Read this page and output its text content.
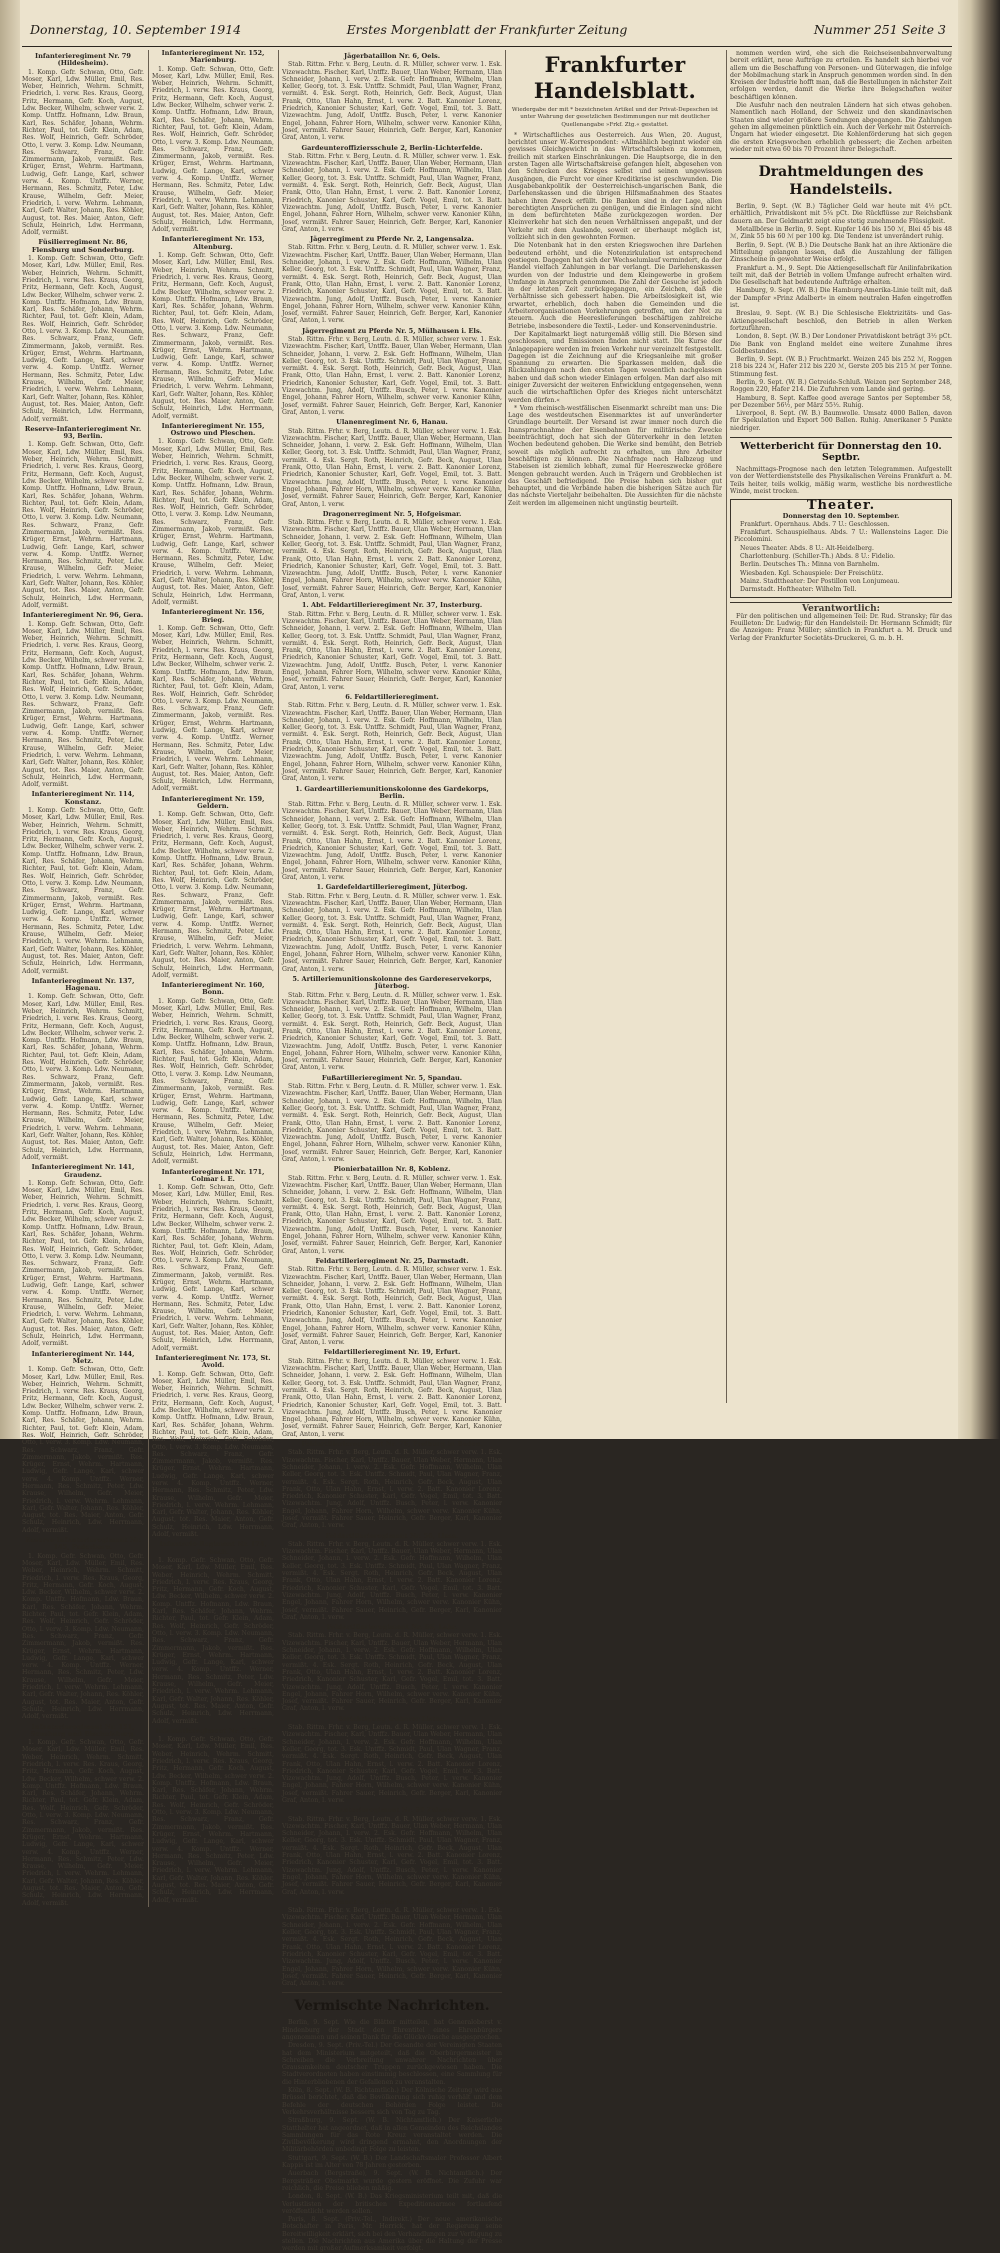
Donnerstag, 10. September 1914	Erstes Morgenblatt der Frankfurter Zeitung	Nummer 251 Seite 3
Infanterieregiment Nr. 79 (Hildesheim).

1. Komp. Gefr. Schwan, Otto, Gefr. Moser, Karl, Ldw. Müller, Emil, Res. Weber, Heinrich, Wehrm. Schmitt, Friedrich, l. verw. Res. Kraus, Georg, Fritz, Hermann, Gefr. Koch, August, Ldw. Becker, Wilhelm, schwer verw. 2. Komp. Untffz. Hofmann, Ldw. Braun, Karl, Res. Schäfer, Johann, Wehrm. Richter, Paul, tot. Gefr. Klein, Adam, Res. Wolf, Heinrich, Gefr. Schröder, Otto, l. verw. 3. Komp. Ldw. Neumann, Res. Schwarz, Franz, Gefr. Zimmermann, Jakob, vermißt. Res. Krüger, Ernst, Wehrm. Hartmann, Ludwig, Gefr. Lange, Karl, schwer verw. 4. Komp. Untffz. Werner, Hermann, Res. Schmitz, Peter, Ldw. Krause, Wilhelm, Gefr. Meier, Friedrich, l. verw. Wehrm. Lehmann, Karl, Gefr. Walter, Johann, Res. Köhler, August, tot. Res. Maier, Anton, Gefr. Schulz, Heinrich, Ldw. Herrmann, Adolf, vermißt.

Füsilierregiment Nr. 86, Flensburg und Sonderburg.

1. Komp. Gefr. Schwan, Otto, Gefr. Moser, Karl, Ldw. Müller, Emil, Res. Weber, Heinrich, Wehrm. Schmitt, Friedrich, l. verw. Res. Kraus, Georg, Fritz, Hermann, Gefr. Koch, August, Ldw. Becker, Wilhelm, schwer verw. 2. Komp. Untffz. Hofmann, Ldw. Braun, Karl, Res. Schäfer, Johann, Wehrm. Richter, Paul, tot. Gefr. Klein, Adam, Res. Wolf, Heinrich, Gefr. Schröder, Otto, l. verw. 3. Komp. Ldw. Neumann, Res. Schwarz, Franz, Gefr. Zimmermann, Jakob, vermißt. Res. Krüger, Ernst, Wehrm. Hartmann, Ludwig, Gefr. Lange, Karl, schwer verw. 4. Komp. Untffz. Werner, Hermann, Res. Schmitz, Peter, Ldw. Krause, Wilhelm, Gefr. Meier, Friedrich, l. verw. Wehrm. Lehmann, Karl, Gefr. Walter, Johann, Res. Köhler, August, tot. Res. Maier, Anton, Gefr. Schulz, Heinrich, Ldw. Herrmann, Adolf, vermißt.

Reserve-Infanterieregiment Nr. 93, Berlin.

1. Komp. Gefr. Schwan, Otto, Gefr. Moser, Karl, Ldw. Müller, Emil, Res. Weber, Heinrich, Wehrm. Schmitt, Friedrich, l. verw. Res. Kraus, Georg, Fritz, Hermann, Gefr. Koch, August, Ldw. Becker, Wilhelm, schwer verw. 2. Komp. Untffz. Hofmann, Ldw. Braun, Karl, Res. Schäfer, Johann, Wehrm. Richter, Paul, tot. Gefr. Klein, Adam, Res. Wolf, Heinrich, Gefr. Schröder, Otto, l. verw. 3. Komp. Ldw. Neumann, Res. Schwarz, Franz, Gefr. Zimmermann, Jakob, vermißt. Res. Krüger, Ernst, Wehrm. Hartmann, Ludwig, Gefr. Lange, Karl, schwer verw. 4. Komp. Untffz. Werner, Hermann, Res. Schmitz, Peter, Ldw. Krause, Wilhelm, Gefr. Meier, Friedrich, l. verw. Wehrm. Lehmann, Karl, Gefr. Walter, Johann, Res. Köhler, August, tot. Res. Maier, Anton, Gefr. Schulz, Heinrich, Ldw. Herrmann, Adolf, vermißt.

Infanterieregiment Nr. 96, Gera.

1. Komp. Gefr. Schwan, Otto, Gefr. Moser, Karl, Ldw. Müller, Emil, Res. Weber, Heinrich, Wehrm. Schmitt, Friedrich, l. verw. Res. Kraus, Georg, Fritz, Hermann, Gefr. Koch, August, Ldw. Becker, Wilhelm, schwer verw. 2. Komp. Untffz. Hofmann, Ldw. Braun, Karl, Res. Schäfer, Johann, Wehrm. Richter, Paul, tot. Gefr. Klein, Adam, Res. Wolf, Heinrich, Gefr. Schröder, Otto, l. verw. 3. Komp. Ldw. Neumann, Res. Schwarz, Franz, Gefr. Zimmermann, Jakob, vermißt. Res. Krüger, Ernst, Wehrm. Hartmann, Ludwig, Gefr. Lange, Karl, schwer verw. 4. Komp. Untffz. Werner, Hermann, Res. Schmitz, Peter, Ldw. Krause, Wilhelm, Gefr. Meier, Friedrich, l. verw. Wehrm. Lehmann, Karl, Gefr. Walter, Johann, Res. Köhler, August, tot. Res. Maier, Anton, Gefr. Schulz, Heinrich, Ldw. Herrmann, Adolf, vermißt.

Infanterieregiment Nr. 114, Konstanz.

1. Komp. Gefr. Schwan, Otto, Gefr. Moser, Karl, Ldw. Müller, Emil, Res. Weber, Heinrich, Wehrm. Schmitt, Friedrich, l. verw. Res. Kraus, Georg, Fritz, Hermann, Gefr. Koch, August, Ldw. Becker, Wilhelm, schwer verw. 2. Komp. Untffz. Hofmann, Ldw. Braun, Karl, Res. Schäfer, Johann, Wehrm. Richter, Paul, tot. Gefr. Klein, Adam, Res. Wolf, Heinrich, Gefr. Schröder, Otto, l. verw. 3. Komp. Ldw. Neumann, Res. Schwarz, Franz, Gefr. Zimmermann, Jakob, vermißt. Res. Krüger, Ernst, Wehrm. Hartmann, Ludwig, Gefr. Lange, Karl, schwer verw. 4. Komp. Untffz. Werner, Hermann, Res. Schmitz, Peter, Ldw. Krause, Wilhelm, Gefr. Meier, Friedrich, l. verw. Wehrm. Lehmann, Karl, Gefr. Walter, Johann, Res. Köhler, August, tot. Res. Maier, Anton, Gefr. Schulz, Heinrich, Ldw. Herrmann, Adolf, vermißt.

Infanterieregiment Nr. 137, Hagenau.

1. Komp. Gefr. Schwan, Otto, Gefr. Moser, Karl, Ldw. Müller, Emil, Res. Weber, Heinrich, Wehrm. Schmitt, Friedrich, l. verw. Res. Kraus, Georg, Fritz, Hermann, Gefr. Koch, August, Ldw. Becker, Wilhelm, schwer verw. 2. Komp. Untffz. Hofmann, Ldw. Braun, Karl, Res. Schäfer, Johann, Wehrm. Richter, Paul, tot. Gefr. Klein, Adam, Res. Wolf, Heinrich, Gefr. Schröder, Otto, l. verw. 3. Komp. Ldw. Neumann, Res. Schwarz, Franz, Gefr. Zimmermann, Jakob, vermißt. Res. Krüger, Ernst, Wehrm. Hartmann, Ludwig, Gefr. Lange, Karl, schwer verw. 4. Komp. Untffz. Werner, Hermann, Res. Schmitz, Peter, Ldw. Krause, Wilhelm, Gefr. Meier, Friedrich, l. verw. Wehrm. Lehmann, Karl, Gefr. Walter, Johann, Res. Köhler, August, tot. Res. Maier, Anton, Gefr. Schulz, Heinrich, Ldw. Herrmann, Adolf, vermißt.

Infanterieregiment Nr. 141, Graudenz.

1. Komp. Gefr. Schwan, Otto, Gefr. Moser, Karl, Ldw. Müller, Emil, Res. Weber, Heinrich, Wehrm. Schmitt, Friedrich, l. verw. Res. Kraus, Georg, Fritz, Hermann, Gefr. Koch, August, Ldw. Becker, Wilhelm, schwer verw. 2. Komp. Untffz. Hofmann, Ldw. Braun, Karl, Res. Schäfer, Johann, Wehrm. Richter, Paul, tot. Gefr. Klein, Adam, Res. Wolf, Heinrich, Gefr. Schröder, Otto, l. verw. 3. Komp. Ldw. Neumann, Res. Schwarz, Franz, Gefr. Zimmermann, Jakob, vermißt. Res. Krüger, Ernst, Wehrm. Hartmann, Ludwig, Gefr. Lange, Karl, schwer verw. 4. Komp. Untffz. Werner, Hermann, Res. Schmitz, Peter, Ldw. Krause, Wilhelm, Gefr. Meier, Friedrich, l. verw. Wehrm. Lehmann, Karl, Gefr. Walter, Johann, Res. Köhler, August, tot. Res. Maier, Anton, Gefr. Schulz, Heinrich, Ldw. Herrmann, Adolf, vermißt.

Infanterieregiment Nr. 144, Metz.

1. Komp. Gefr. Schwan, Otto, Gefr. Moser, Karl, Ldw. Müller, Emil, Res. Weber, Heinrich, Wehrm. Schmitt, Friedrich, l. verw. Res. Kraus, Georg, Fritz, Hermann, Gefr. Koch, August, Ldw. Becker, Wilhelm, schwer verw. 2. Komp. Untffz. Hofmann, Ldw. Braun, Karl, Res. Schäfer, Johann, Wehrm. Richter, Paul, tot. Gefr. Klein, Adam, Res. Wolf, Heinrich, Gefr. Schröder, Otto, l. verw. 3. Komp. Ldw. Neumann, Res. Schwarz, Franz, Gefr. Zimmermann, Jakob, vermißt. Res. Krüger, Ernst, Wehrm. Hartmann, Ludwig, Gefr. Lange, Karl, schwer verw. 4. Komp. Untffz. Werner, Hermann, Res. Schmitz, Peter, Ldw. Krause, Wilhelm, Gefr. Meier, Friedrich, l. verw. Wehrm. Lehmann, Karl, Gefr. Walter, Johann, Res. Köhler, August, tot. Res. Maier, Anton, Gefr. Schulz, Heinrich, Ldw. Herrmann, Adolf, vermißt.

Reserve-Infanterieregiment Nr. 145, Paderborn.

1. Komp. Gefr. Schwan, Otto, Gefr. Moser, Karl, Ldw. Müller, Emil, Res. Weber, Heinrich, Wehrm. Schmitt, Friedrich, l. verw. Res. Kraus, Georg, Fritz, Hermann, Gefr. Koch, August, Ldw. Becker, Wilhelm, schwer verw. 2. Komp. Untffz. Hofmann, Ldw. Braun, Karl, Res. Schäfer, Johann, Wehrm. Richter, Paul, tot. Gefr. Klein, Adam, Res. Wolf, Heinrich, Gefr. Schröder, Otto, l. verw. 3. Komp. Ldw. Neumann, Res. Schwarz, Franz, Gefr. Zimmermann, Jakob, vermißt. Res. Krüger, Ernst, Wehrm. Hartmann, Ludwig, Gefr. Lange, Karl, schwer verw. 4. Komp. Untffz. Werner, Hermann, Res. Schmitz, Peter, Ldw. Krause, Wilhelm, Gefr. Meier, Friedrich, l. verw. Wehrm. Lehmann, Karl, Gefr. Walter, Johann, Res. Köhler, August, tot. Res. Maier, Anton, Gefr. Schulz, Heinrich, Ldw. Herrmann, Adolf, vermißt.

Infanterieregiment Nr. 151, Sensburg und Bischofsburg.

1. Komp. Gefr. Schwan, Otto, Gefr. Moser, Karl, Ldw. Müller, Emil, Res. Weber, Heinrich, Wehrm. Schmitt, Friedrich, l. verw. Res. Kraus, Georg, Fritz, Hermann, Gefr. Koch, August, Ldw. Becker, Wilhelm, schwer verw. 2. Komp. Untffz. Hofmann, Ldw. Braun, Karl, Res. Schäfer, Johann, Wehrm. Richter, Paul, tot. Gefr. Klein, Adam, Res. Wolf, Heinrich, Gefr. Schröder, Otto, l. verw. 3. Komp. Ldw. Neumann, Res. Schwarz, Franz, Gefr. Zimmermann, Jakob, vermißt. Res. Krüger, Ernst, Wehrm. Hartmann, Ludwig, Gefr. Lange, Karl, schwer verw. 4. Komp. Untffz. Werner, Hermann, Res. Schmitz, Peter, Ldw. Krause, Wilhelm, Gefr. Meier, Friedrich, l. verw. Wehrm. Lehmann, Karl, Gefr. Walter, Johann, Res. Köhler, August, tot. Res. Maier, Anton, Gefr. Schulz, Heinrich, Ldw. Herrmann, Adolf, vermißt.

Infanterieregiment Nr. 152, Marienburg.

1. Komp. Gefr. Schwan, Otto, Gefr. Moser, Karl, Ldw. Müller, Emil, Res. Weber, Heinrich, Wehrm. Schmitt, Friedrich, l. verw. Res. Kraus, Georg, Fritz, Hermann, Gefr. Koch, August, Ldw. Becker, Wilhelm, schwer verw. 2. Komp. Untffz. Hofmann, Ldw. Braun, Karl, Res. Schäfer, Johann, Wehrm. Richter, Paul, tot. Gefr. Klein, Adam, Res. Wolf, Heinrich, Gefr. Schröder, Otto, l. verw. 3. Komp. Ldw. Neumann, Res. Schwarz, Franz, Gefr. Zimmermann, Jakob, vermißt. Res. Krüger, Ernst, Wehrm. Hartmann, Ludwig, Gefr. Lange, Karl, schwer verw. 4. Komp. Untffz. Werner, Hermann, Res. Schmitz, Peter, Ldw. Krause, Wilhelm, Gefr. Meier, Friedrich, l. verw. Wehrm. Lehmann, Karl, Gefr. Walter, Johann, Res. Köhler, August, tot. Res. Maier, Anton, Gefr. Schulz, Heinrich, Ldw. Herrmann, Adolf, vermißt.

Infanterieregiment Nr. 153, Altenburg.

1. Komp. Gefr. Schwan, Otto, Gefr. Moser, Karl, Ldw. Müller, Emil, Res. Weber, Heinrich, Wehrm. Schmitt, Friedrich, l. verw. Res. Kraus, Georg, Fritz, Hermann, Gefr. Koch, August, Ldw. Becker, Wilhelm, schwer verw. 2. Komp. Untffz. Hofmann, Ldw. Braun, Karl, Res. Schäfer, Johann, Wehrm. Richter, Paul, tot. Gefr. Klein, Adam, Res. Wolf, Heinrich, Gefr. Schröder, Otto, l. verw. 3. Komp. Ldw. Neumann, Res. Schwarz, Franz, Gefr. Zimmermann, Jakob, vermißt. Res. Krüger, Ernst, Wehrm. Hartmann, Ludwig, Gefr. Lange, Karl, schwer verw. 4. Komp. Untffz. Werner, Hermann, Res. Schmitz, Peter, Ldw. Krause, Wilhelm, Gefr. Meier, Friedrich, l. verw. Wehrm. Lehmann, Karl, Gefr. Walter, Johann, Res. Köhler, August, tot. Res. Maier, Anton, Gefr. Schulz, Heinrich, Ldw. Herrmann, Adolf, vermißt.

Infanterieregiment Nr. 155, Ostrowo und Pleschen.

1. Komp. Gefr. Schwan, Otto, Gefr. Moser, Karl, Ldw. Müller, Emil, Res. Weber, Heinrich, Wehrm. Schmitt, Friedrich, l. verw. Res. Kraus, Georg, Fritz, Hermann, Gefr. Koch, August, Ldw. Becker, Wilhelm, schwer verw. 2. Komp. Untffz. Hofmann, Ldw. Braun, Karl, Res. Schäfer, Johann, Wehrm. Richter, Paul, tot. Gefr. Klein, Adam, Res. Wolf, Heinrich, Gefr. Schröder, Otto, l. verw. 3. Komp. Ldw. Neumann, Res. Schwarz, Franz, Gefr. Zimmermann, Jakob, vermißt. Res. Krüger, Ernst, Wehrm. Hartmann, Ludwig, Gefr. Lange, Karl, schwer verw. 4. Komp. Untffz. Werner, Hermann, Res. Schmitz, Peter, Ldw. Krause, Wilhelm, Gefr. Meier, Friedrich, l. verw. Wehrm. Lehmann, Karl, Gefr. Walter, Johann, Res. Köhler, August, tot. Res. Maier, Anton, Gefr. Schulz, Heinrich, Ldw. Herrmann, Adolf, vermißt.

Infanterieregiment Nr. 156, Brieg.

1. Komp. Gefr. Schwan, Otto, Gefr. Moser, Karl, Ldw. Müller, Emil, Res. Weber, Heinrich, Wehrm. Schmitt, Friedrich, l. verw. Res. Kraus, Georg, Fritz, Hermann, Gefr. Koch, August, Ldw. Becker, Wilhelm, schwer verw. 2. Komp. Untffz. Hofmann, Ldw. Braun, Karl, Res. Schäfer, Johann, Wehrm. Richter, Paul, tot. Gefr. Klein, Adam, Res. Wolf, Heinrich, Gefr. Schröder, Otto, l. verw. 3. Komp. Ldw. Neumann, Res. Schwarz, Franz, Gefr. Zimmermann, Jakob, vermißt. Res. Krüger, Ernst, Wehrm. Hartmann, Ludwig, Gefr. Lange, Karl, schwer verw. 4. Komp. Untffz. Werner, Hermann, Res. Schmitz, Peter, Ldw. Krause, Wilhelm, Gefr. Meier, Friedrich, l. verw. Wehrm. Lehmann, Karl, Gefr. Walter, Johann, Res. Köhler, August, tot. Res. Maier, Anton, Gefr. Schulz, Heinrich, Ldw. Herrmann, Adolf, vermißt.

Infanterieregiment Nr. 159, Geldern.

1. Komp. Gefr. Schwan, Otto, Gefr. Moser, Karl, Ldw. Müller, Emil, Res. Weber, Heinrich, Wehrm. Schmitt, Friedrich, l. verw. Res. Kraus, Georg, Fritz, Hermann, Gefr. Koch, August, Ldw. Becker, Wilhelm, schwer verw. 2. Komp. Untffz. Hofmann, Ldw. Braun, Karl, Res. Schäfer, Johann, Wehrm. Richter, Paul, tot. Gefr. Klein, Adam, Res. Wolf, Heinrich, Gefr. Schröder, Otto, l. verw. 3. Komp. Ldw. Neumann, Res. Schwarz, Franz, Gefr. Zimmermann, Jakob, vermißt. Res. Krüger, Ernst, Wehrm. Hartmann, Ludwig, Gefr. Lange, Karl, schwer verw. 4. Komp. Untffz. Werner, Hermann, Res. Schmitz, Peter, Ldw. Krause, Wilhelm, Gefr. Meier, Friedrich, l. verw. Wehrm. Lehmann, Karl, Gefr. Walter, Johann, Res. Köhler, August, tot. Res. Maier, Anton, Gefr. Schulz, Heinrich, Ldw. Herrmann, Adolf, vermißt.

Infanterieregiment Nr. 160, Bonn.

1. Komp. Gefr. Schwan, Otto, Gefr. Moser, Karl, Ldw. Müller, Emil, Res. Weber, Heinrich, Wehrm. Schmitt, Friedrich, l. verw. Res. Kraus, Georg, Fritz, Hermann, Gefr. Koch, August, Ldw. Becker, Wilhelm, schwer verw. 2. Komp. Untffz. Hofmann, Ldw. Braun, Karl, Res. Schäfer, Johann, Wehrm. Richter, Paul, tot. Gefr. Klein, Adam, Res. Wolf, Heinrich, Gefr. Schröder, Otto, l. verw. 3. Komp. Ldw. Neumann, Res. Schwarz, Franz, Gefr. Zimmermann, Jakob, vermißt. Res. Krüger, Ernst, Wehrm. Hartmann, Ludwig, Gefr. Lange, Karl, schwer verw. 4. Komp. Untffz. Werner, Hermann, Res. Schmitz, Peter, Ldw. Krause, Wilhelm, Gefr. Meier, Friedrich, l. verw. Wehrm. Lehmann, Karl, Gefr. Walter, Johann, Res. Köhler, August, tot. Res. Maier, Anton, Gefr. Schulz, Heinrich, Ldw. Herrmann, Adolf, vermißt.

Infanterieregiment Nr. 171, Colmar i. E.

1. Komp. Gefr. Schwan, Otto, Gefr. Moser, Karl, Ldw. Müller, Emil, Res. Weber, Heinrich, Wehrm. Schmitt, Friedrich, l. verw. Res. Kraus, Georg, Fritz, Hermann, Gefr. Koch, August, Ldw. Becker, Wilhelm, schwer verw. 2. Komp. Untffz. Hofmann, Ldw. Braun, Karl, Res. Schäfer, Johann, Wehrm. Richter, Paul, tot. Gefr. Klein, Adam, Res. Wolf, Heinrich, Gefr. Schröder, Otto, l. verw. 3. Komp. Ldw. Neumann, Res. Schwarz, Franz, Gefr. Zimmermann, Jakob, vermißt. Res. Krüger, Ernst, Wehrm. Hartmann, Ludwig, Gefr. Lange, Karl, schwer verw. 4. Komp. Untffz. Werner, Hermann, Res. Schmitz, Peter, Ldw. Krause, Wilhelm, Gefr. Meier, Friedrich, l. verw. Wehrm. Lehmann, Karl, Gefr. Walter, Johann, Res. Köhler, August, tot. Res. Maier, Anton, Gefr. Schulz, Heinrich, Ldw. Herrmann, Adolf, vermißt.

Infanterieregiment Nr. 173, St. Avold.

1. Komp. Gefr. Schwan, Otto, Gefr. Moser, Karl, Ldw. Müller, Emil, Res. Weber, Heinrich, Wehrm. Schmitt, Friedrich, l. verw. Res. Kraus, Georg, Fritz, Hermann, Gefr. Koch, August, Ldw. Becker, Wilhelm, schwer verw. 2. Komp. Untffz. Hofmann, Ldw. Braun, Karl, Res. Schäfer, Johann, Wehrm. Richter, Paul, tot. Gefr. Klein, Adam, Res. Wolf, Heinrich, Gefr. Schröder, Otto, l. verw. 3. Komp. Ldw. Neumann, Res. Schwarz, Franz, Gefr. Zimmermann, Jakob, vermißt. Res. Krüger, Ernst, Wehrm. Hartmann, Ludwig, Gefr. Lange, Karl, schwer verw. 4. Komp. Untffz. Werner, Hermann, Res. Schmitz, Peter, Ldw. Krause, Wilhelm, Gefr. Meier, Friedrich, l. verw. Wehrm. Lehmann, Karl, Gefr. Walter, Johann, Res. Köhler, August, tot. Res. Maier, Anton, Gefr. Schulz, Heinrich, Ldw. Herrmann, Adolf, vermißt.

Infanterie-Regiment Nr. 174, Forbach.

1. Komp. Gefr. Schwan, Otto, Gefr. Moser, Karl, Ldw. Müller, Emil, Res. Weber, Heinrich, Wehrm. Schmitt, Friedrich, l. verw. Res. Kraus, Georg, Fritz, Hermann, Gefr. Koch, August, Ldw. Becker, Wilhelm, schwer verw. 2. Komp. Untffz. Hofmann, Ldw. Braun, Karl, Res. Schäfer, Johann, Wehrm. Richter, Paul, tot. Gefr. Klein, Adam, Res. Wolf, Heinrich, Gefr. Schröder, Otto, l. verw. 3. Komp. Ldw. Neumann, Res. Schwarz, Franz, Gefr. Zimmermann, Jakob, vermißt. Res. Krüger, Ernst, Wehrm. Hartmann, Ludwig, Gefr. Lange, Karl, schwer verw. 4. Komp. Untffz. Werner, Hermann, Res. Schmitz, Peter, Ldw. Krause, Wilhelm, Gefr. Meier, Friedrich, l. verw. Wehrm. Lehmann, Karl, Gefr. Walter, Johann, Res. Köhler, August, tot. Res. Maier, Anton, Gefr. Schulz, Heinrich, Ldw. Herrmann, Adolf, vermißt.

Infanterieregiment Nr. 2, Calw.

1. Komp. Gefr. Schwan, Otto, Gefr. Moser, Karl, Ldw. Müller, Emil, Res. Weber, Heinrich, Wehrm. Schmitt, Friedrich, l. verw. Res. Kraus, Georg, Fritz, Hermann, Gefr. Koch, August, Ldw. Becker, Wilhelm, schwer verw. 2. Komp. Untffz. Hofmann, Ldw. Braun, Karl, Res. Schäfer, Johann, Wehrm. Richter, Paul, tot. Gefr. Klein, Adam, Res. Wolf, Heinrich, Gefr. Schröder, Otto, l. verw. 3. Komp. Ldw. Neumann, Res. Schwarz, Franz, Gefr. Zimmermann, Jakob, vermißt. Res. Krüger, Ernst, Wehrm. Hartmann, Ludwig, Gefr. Lange, Karl, schwer verw. 4. Komp. Untffz. Werner, Hermann, Res. Schmitz, Peter, Ldw. Krause, Wilhelm, Gefr. Meier, Friedrich, l. verw. Wehrm. Lehmann, Karl, Gefr. Walter, Johann, Res. Köhler, August, tot. Res. Maier, Anton, Gefr. Schulz, Heinrich, Ldw. Herrmann, Adolf, vermißt.

Jägerbataillon Nr. 6, Oels.

Stab. Rittm. Frhr. v. Berg, Leutn. d. R. Müller, schwer verw. 1. Esk. Vizewachtm. Fischer, Karl, Untffz. Bauer, Ulan Weber, Hermann, Ulan Schneider, Johann, l. verw. 2. Esk. Gefr. Hoffmann, Wilhelm, Ulan Keller, Georg, tot. 3. Esk. Untffz. Schmidt, Paul, Ulan Wagner, Franz, vermißt. 4. Esk. Sergt. Roth, Heinrich, Gefr. Beck, August, Ulan Frank, Otto, Ulan Hahn, Ernst, l. verw. 2. Batt. Kanonier Lorenz, Friedrich, Kanonier Schuster, Karl, Gefr. Vogel, Emil, tot. 3. Batt. Vizewachtm. Jung, Adolf, Untffz. Busch, Peter, l. verw. Kanonier Engel, Johann, Fahrer Horn, Wilhelm, schwer verw. Kanonier Kühn, Josef, vermißt. Fahrer Sauer, Heinrich, Gefr. Berger, Karl, Kanonier Graf, Anton, l. verw.

Gardeunteroffiziersschule 2, Berlin-Lichterfelde.

Stab. Rittm. Frhr. v. Berg, Leutn. d. R. Müller, schwer verw. 1. Esk. Vizewachtm. Fischer, Karl, Untffz. Bauer, Ulan Weber, Hermann, Ulan Schneider, Johann, l. verw. 2. Esk. Gefr. Hoffmann, Wilhelm, Ulan Keller, Georg, tot. 3. Esk. Untffz. Schmidt, Paul, Ulan Wagner, Franz, vermißt. 4. Esk. Sergt. Roth, Heinrich, Gefr. Beck, August, Ulan Frank, Otto, Ulan Hahn, Ernst, l. verw. 2. Batt. Kanonier Lorenz, Friedrich, Kanonier Schuster, Karl, Gefr. Vogel, Emil, tot. 3. Batt. Vizewachtm. Jung, Adolf, Untffz. Busch, Peter, l. verw. Kanonier Engel, Johann, Fahrer Horn, Wilhelm, schwer verw. Kanonier Kühn, Josef, vermißt. Fahrer Sauer, Heinrich, Gefr. Berger, Karl, Kanonier Graf, Anton, l. verw.

Jägerregiment zu Pferde Nr. 2, Langensalza.

Stab. Rittm. Frhr. v. Berg, Leutn. d. R. Müller, schwer verw. 1. Esk. Vizewachtm. Fischer, Karl, Untffz. Bauer, Ulan Weber, Hermann, Ulan Schneider, Johann, l. verw. 2. Esk. Gefr. Hoffmann, Wilhelm, Ulan Keller, Georg, tot. 3. Esk. Untffz. Schmidt, Paul, Ulan Wagner, Franz, vermißt. 4. Esk. Sergt. Roth, Heinrich, Gefr. Beck, August, Ulan Frank, Otto, Ulan Hahn, Ernst, l. verw. 2. Batt. Kanonier Lorenz, Friedrich, Kanonier Schuster, Karl, Gefr. Vogel, Emil, tot. 3. Batt. Vizewachtm. Jung, Adolf, Untffz. Busch, Peter, l. verw. Kanonier Engel, Johann, Fahrer Horn, Wilhelm, schwer verw. Kanonier Kühn, Josef, vermißt. Fahrer Sauer, Heinrich, Gefr. Berger, Karl, Kanonier Graf, Anton, l. verw.

Jägerregiment zu Pferde Nr. 5, Mülhausen i. Els.

Stab. Rittm. Frhr. v. Berg, Leutn. d. R. Müller, schwer verw. 1. Esk. Vizewachtm. Fischer, Karl, Untffz. Bauer, Ulan Weber, Hermann, Ulan Schneider, Johann, l. verw. 2. Esk. Gefr. Hoffmann, Wilhelm, Ulan Keller, Georg, tot. 3. Esk. Untffz. Schmidt, Paul, Ulan Wagner, Franz, vermißt. 4. Esk. Sergt. Roth, Heinrich, Gefr. Beck, August, Ulan Frank, Otto, Ulan Hahn, Ernst, l. verw. 2. Batt. Kanonier Lorenz, Friedrich, Kanonier Schuster, Karl, Gefr. Vogel, Emil, tot. 3. Batt. Vizewachtm. Jung, Adolf, Untffz. Busch, Peter, l. verw. Kanonier Engel, Johann, Fahrer Horn, Wilhelm, schwer verw. Kanonier Kühn, Josef, vermißt. Fahrer Sauer, Heinrich, Gefr. Berger, Karl, Kanonier Graf, Anton, l. verw.

Ulanenregiment Nr. 6, Hanau.

Stab. Rittm. Frhr. v. Berg, Leutn. d. R. Müller, schwer verw. 1. Esk. Vizewachtm. Fischer, Karl, Untffz. Bauer, Ulan Weber, Hermann, Ulan Schneider, Johann, l. verw. 2. Esk. Gefr. Hoffmann, Wilhelm, Ulan Keller, Georg, tot. 3. Esk. Untffz. Schmidt, Paul, Ulan Wagner, Franz, vermißt. 4. Esk. Sergt. Roth, Heinrich, Gefr. Beck, August, Ulan Frank, Otto, Ulan Hahn, Ernst, l. verw. 2. Batt. Kanonier Lorenz, Friedrich, Kanonier Schuster, Karl, Gefr. Vogel, Emil, tot. 3. Batt. Vizewachtm. Jung, Adolf, Untffz. Busch, Peter, l. verw. Kanonier Engel, Johann, Fahrer Horn, Wilhelm, schwer verw. Kanonier Kühn, Josef, vermißt. Fahrer Sauer, Heinrich, Gefr. Berger, Karl, Kanonier Graf, Anton, l. verw.

Dragonerregiment Nr. 5, Hofgeismar.

Stab. Rittm. Frhr. v. Berg, Leutn. d. R. Müller, schwer verw. 1. Esk. Vizewachtm. Fischer, Karl, Untffz. Bauer, Ulan Weber, Hermann, Ulan Schneider, Johann, l. verw. 2. Esk. Gefr. Hoffmann, Wilhelm, Ulan Keller, Georg, tot. 3. Esk. Untffz. Schmidt, Paul, Ulan Wagner, Franz, vermißt. 4. Esk. Sergt. Roth, Heinrich, Gefr. Beck, August, Ulan Frank, Otto, Ulan Hahn, Ernst, l. verw. 2. Batt. Kanonier Lorenz, Friedrich, Kanonier Schuster, Karl, Gefr. Vogel, Emil, tot. 3. Batt. Vizewachtm. Jung, Adolf, Untffz. Busch, Peter, l. verw. Kanonier Engel, Johann, Fahrer Horn, Wilhelm, schwer verw. Kanonier Kühn, Josef, vermißt. Fahrer Sauer, Heinrich, Gefr. Berger, Karl, Kanonier Graf, Anton, l. verw.

1. Abt. Feldartillerieregiment Nr. 37, Insterburg.

Stab. Rittm. Frhr. v. Berg, Leutn. d. R. Müller, schwer verw. 1. Esk. Vizewachtm. Fischer, Karl, Untffz. Bauer, Ulan Weber, Hermann, Ulan Schneider, Johann, l. verw. 2. Esk. Gefr. Hoffmann, Wilhelm, Ulan Keller, Georg, tot. 3. Esk. Untffz. Schmidt, Paul, Ulan Wagner, Franz, vermißt. 4. Esk. Sergt. Roth, Heinrich, Gefr. Beck, August, Ulan Frank, Otto, Ulan Hahn, Ernst, l. verw. 2. Batt. Kanonier Lorenz, Friedrich, Kanonier Schuster, Karl, Gefr. Vogel, Emil, tot. 3. Batt. Vizewachtm. Jung, Adolf, Untffz. Busch, Peter, l. verw. Kanonier Engel, Johann, Fahrer Horn, Wilhelm, schwer verw. Kanonier Kühn, Josef, vermißt. Fahrer Sauer, Heinrich, Gefr. Berger, Karl, Kanonier Graf, Anton, l. verw.

6. Feldartillerieregiment.

Stab. Rittm. Frhr. v. Berg, Leutn. d. R. Müller, schwer verw. 1. Esk. Vizewachtm. Fischer, Karl, Untffz. Bauer, Ulan Weber, Hermann, Ulan Schneider, Johann, l. verw. 2. Esk. Gefr. Hoffmann, Wilhelm, Ulan Keller, Georg, tot. 3. Esk. Untffz. Schmidt, Paul, Ulan Wagner, Franz, vermißt. 4. Esk. Sergt. Roth, Heinrich, Gefr. Beck, August, Ulan Frank, Otto, Ulan Hahn, Ernst, l. verw. 2. Batt. Kanonier Lorenz, Friedrich, Kanonier Schuster, Karl, Gefr. Vogel, Emil, tot. 3. Batt. Vizewachtm. Jung, Adolf, Untffz. Busch, Peter, l. verw. Kanonier Engel, Johann, Fahrer Horn, Wilhelm, schwer verw. Kanonier Kühn, Josef, vermißt. Fahrer Sauer, Heinrich, Gefr. Berger, Karl, Kanonier Graf, Anton, l. verw.

1. Gardeartilleriemunitionskolonne des Gardekorps, Berlin.

Stab. Rittm. Frhr. v. Berg, Leutn. d. R. Müller, schwer verw. 1. Esk. Vizewachtm. Fischer, Karl, Untffz. Bauer, Ulan Weber, Hermann, Ulan Schneider, Johann, l. verw. 2. Esk. Gefr. Hoffmann, Wilhelm, Ulan Keller, Georg, tot. 3. Esk. Untffz. Schmidt, Paul, Ulan Wagner, Franz, vermißt. 4. Esk. Sergt. Roth, Heinrich, Gefr. Beck, August, Ulan Frank, Otto, Ulan Hahn, Ernst, l. verw. 2. Batt. Kanonier Lorenz, Friedrich, Kanonier Schuster, Karl, Gefr. Vogel, Emil, tot. 3. Batt. Vizewachtm. Jung, Adolf, Untffz. Busch, Peter, l. verw. Kanonier Engel, Johann, Fahrer Horn, Wilhelm, schwer verw. Kanonier Kühn, Josef, vermißt. Fahrer Sauer, Heinrich, Gefr. Berger, Karl, Kanonier Graf, Anton, l. verw.

1. Gardefeldartillerieregiment, Jüterbog.

Stab. Rittm. Frhr. v. Berg, Leutn. d. R. Müller, schwer verw. 1. Esk. Vizewachtm. Fischer, Karl, Untffz. Bauer, Ulan Weber, Hermann, Ulan Schneider, Johann, l. verw. 2. Esk. Gefr. Hoffmann, Wilhelm, Ulan Keller, Georg, tot. 3. Esk. Untffz. Schmidt, Paul, Ulan Wagner, Franz, vermißt. 4. Esk. Sergt. Roth, Heinrich, Gefr. Beck, August, Ulan Frank, Otto, Ulan Hahn, Ernst, l. verw. 2. Batt. Kanonier Lorenz, Friedrich, Kanonier Schuster, Karl, Gefr. Vogel, Emil, tot. 3. Batt. Vizewachtm. Jung, Adolf, Untffz. Busch, Peter, l. verw. Kanonier Engel, Johann, Fahrer Horn, Wilhelm, schwer verw. Kanonier Kühn, Josef, vermißt. Fahrer Sauer, Heinrich, Gefr. Berger, Karl, Kanonier Graf, Anton, l. verw.

5. Artilleriemunitionskolonne des Gardereservekorps, Jüterbog.

Stab. Rittm. Frhr. v. Berg, Leutn. d. R. Müller, schwer verw. 1. Esk. Vizewachtm. Fischer, Karl, Untffz. Bauer, Ulan Weber, Hermann, Ulan Schneider, Johann, l. verw. 2. Esk. Gefr. Hoffmann, Wilhelm, Ulan Keller, Georg, tot. 3. Esk. Untffz. Schmidt, Paul, Ulan Wagner, Franz, vermißt. 4. Esk. Sergt. Roth, Heinrich, Gefr. Beck, August, Ulan Frank, Otto, Ulan Hahn, Ernst, l. verw. 2. Batt. Kanonier Lorenz, Friedrich, Kanonier Schuster, Karl, Gefr. Vogel, Emil, tot. 3. Batt. Vizewachtm. Jung, Adolf, Untffz. Busch, Peter, l. verw. Kanonier Engel, Johann, Fahrer Horn, Wilhelm, schwer verw. Kanonier Kühn, Josef, vermißt. Fahrer Sauer, Heinrich, Gefr. Berger, Karl, Kanonier Graf, Anton, l. verw.

Fußartillerieregiment Nr. 5, Spandau.

Stab. Rittm. Frhr. v. Berg, Leutn. d. R. Müller, schwer verw. 1. Esk. Vizewachtm. Fischer, Karl, Untffz. Bauer, Ulan Weber, Hermann, Ulan Schneider, Johann, l. verw. 2. Esk. Gefr. Hoffmann, Wilhelm, Ulan Keller, Georg, tot. 3. Esk. Untffz. Schmidt, Paul, Ulan Wagner, Franz, vermißt. 4. Esk. Sergt. Roth, Heinrich, Gefr. Beck, August, Ulan Frank, Otto, Ulan Hahn, Ernst, l. verw. 2. Batt. Kanonier Lorenz, Friedrich, Kanonier Schuster, Karl, Gefr. Vogel, Emil, tot. 3. Batt. Vizewachtm. Jung, Adolf, Untffz. Busch, Peter, l. verw. Kanonier Engel, Johann, Fahrer Horn, Wilhelm, schwer verw. Kanonier Kühn, Josef, vermißt. Fahrer Sauer, Heinrich, Gefr. Berger, Karl, Kanonier Graf, Anton, l. verw.

Pionierbataillon Nr. 8, Koblenz.

Stab. Rittm. Frhr. v. Berg, Leutn. d. R. Müller, schwer verw. 1. Esk. Vizewachtm. Fischer, Karl, Untffz. Bauer, Ulan Weber, Hermann, Ulan Schneider, Johann, l. verw. 2. Esk. Gefr. Hoffmann, Wilhelm, Ulan Keller, Georg, tot. 3. Esk. Untffz. Schmidt, Paul, Ulan Wagner, Franz, vermißt. 4. Esk. Sergt. Roth, Heinrich, Gefr. Beck, August, Ulan Frank, Otto, Ulan Hahn, Ernst, l. verw. 2. Batt. Kanonier Lorenz, Friedrich, Kanonier Schuster, Karl, Gefr. Vogel, Emil, tot. 3. Batt. Vizewachtm. Jung, Adolf, Untffz. Busch, Peter, l. verw. Kanonier Engel, Johann, Fahrer Horn, Wilhelm, schwer verw. Kanonier Kühn, Josef, vermißt. Fahrer Sauer, Heinrich, Gefr. Berger, Karl, Kanonier Graf, Anton, l. verw.

Feldartillerieregiment Nr. 25, Darmstadt.

Stab. Rittm. Frhr. v. Berg, Leutn. d. R. Müller, schwer verw. 1. Esk. Vizewachtm. Fischer, Karl, Untffz. Bauer, Ulan Weber, Hermann, Ulan Schneider, Johann, l. verw. 2. Esk. Gefr. Hoffmann, Wilhelm, Ulan Keller, Georg, tot. 3. Esk. Untffz. Schmidt, Paul, Ulan Wagner, Franz, vermißt. 4. Esk. Sergt. Roth, Heinrich, Gefr. Beck, August, Ulan Frank, Otto, Ulan Hahn, Ernst, l. verw. 2. Batt. Kanonier Lorenz, Friedrich, Kanonier Schuster, Karl, Gefr. Vogel, Emil, tot. 3. Batt. Vizewachtm. Jung, Adolf, Untffz. Busch, Peter, l. verw. Kanonier Engel, Johann, Fahrer Horn, Wilhelm, schwer verw. Kanonier Kühn, Josef, vermißt. Fahrer Sauer, Heinrich, Gefr. Berger, Karl, Kanonier Graf, Anton, l. verw.

Feldartillerieregiment Nr. 19, Erfurt.

Stab. Rittm. Frhr. v. Berg, Leutn. d. R. Müller, schwer verw. 1. Esk. Vizewachtm. Fischer, Karl, Untffz. Bauer, Ulan Weber, Hermann, Ulan Schneider, Johann, l. verw. 2. Esk. Gefr. Hoffmann, Wilhelm, Ulan Keller, Georg, tot. 3. Esk. Untffz. Schmidt, Paul, Ulan Wagner, Franz, vermißt. 4. Esk. Sergt. Roth, Heinrich, Gefr. Beck, August, Ulan Frank, Otto, Ulan Hahn, Ernst, l. verw. 2. Batt. Kanonier Lorenz, Friedrich, Kanonier Schuster, Karl, Gefr. Vogel, Emil, tot. 3. Batt. Vizewachtm. Jung, Adolf, Untffz. Busch, Peter, l. verw. Kanonier Engel, Johann, Fahrer Horn, Wilhelm, schwer verw. Kanonier Kühn, Josef, vermißt. Fahrer Sauer, Heinrich, Gefr. Berger, Karl, Kanonier Graf, Anton, l. verw.

Feldartillerieregiment Nr. 76, Freiburg in Baden.

Stab. Rittm. Frhr. v. Berg, Leutn. d. R. Müller, schwer verw. 1. Esk. Vizewachtm. Fischer, Karl, Untffz. Bauer, Ulan Weber, Hermann, Ulan Schneider, Johann, l. verw. 2. Esk. Gefr. Hoffmann, Wilhelm, Ulan Keller, Georg, tot. 3. Esk. Untffz. Schmidt, Paul, Ulan Wagner, Franz, vermißt. 4. Esk. Sergt. Roth, Heinrich, Gefr. Beck, August, Ulan Frank, Otto, Ulan Hahn, Ernst, l. verw. 2. Batt. Kanonier Lorenz, Friedrich, Kanonier Schuster, Karl, Gefr. Vogel, Emil, tot. 3. Batt. Vizewachtm. Jung, Adolf, Untffz. Busch, Peter, l. verw. Kanonier Engel, Johann, Fahrer Horn, Wilhelm, schwer verw. Kanonier Kühn, Josef, vermißt. Fahrer Sauer, Heinrich, Gefr. Berger, Karl, Kanonier Graf, Anton, l. verw.

Feldartillerieregiment Nr. 56, Lissa.

Stab. Rittm. Frhr. v. Berg, Leutn. d. R. Müller, schwer verw. 1. Esk. Vizewachtm. Fischer, Karl, Untffz. Bauer, Ulan Weber, Hermann, Ulan Schneider, Johann, l. verw. 2. Esk. Gefr. Hoffmann, Wilhelm, Ulan Keller, Georg, tot. 3. Esk. Untffz. Schmidt, Paul, Ulan Wagner, Franz, vermißt. 4. Esk. Sergt. Roth, Heinrich, Gefr. Beck, August, Ulan Frank, Otto, Ulan Hahn, Ernst, l. verw. 2. Batt. Kanonier Lorenz, Friedrich, Kanonier Schuster, Karl, Gefr. Vogel, Emil, tot. 3. Batt. Vizewachtm. Jung, Adolf, Untffz. Busch, Peter, l. verw. Kanonier Engel, Johann, Fahrer Horn, Wilhelm, schwer verw. Kanonier Kühn, Josef, vermißt. Fahrer Sauer, Heinrich, Gefr. Berger, Karl, Kanonier Graf, Anton, l. verw.

Feldartillerieregiment Nr. 66, Lahr.

Stab. Rittm. Frhr. v. Berg, Leutn. d. R. Müller, schwer verw. 1. Esk. Vizewachtm. Fischer, Karl, Untffz. Bauer, Ulan Weber, Hermann, Ulan Schneider, Johann, l. verw. 2. Esk. Gefr. Hoffmann, Wilhelm, Ulan Keller, Georg, tot. 3. Esk. Untffz. Schmidt, Paul, Ulan Wagner, Franz, vermißt. 4. Esk. Sergt. Roth, Heinrich, Gefr. Beck, August, Ulan Frank, Otto, Ulan Hahn, Ernst, l. verw. 2. Batt. Kanonier Lorenz, Friedrich, Kanonier Schuster, Karl, Gefr. Vogel, Emil, tot. 3. Batt. Vizewachtm. Jung, Adolf, Untffz. Busch, Peter, l. verw. Kanonier Engel, Johann, Fahrer Horn, Wilhelm, schwer verw. Kanonier Kühn, Josef, vermißt. Fahrer Sauer, Heinrich, Gefr. Berger, Karl, Kanonier Graf, Anton, l. verw.

Berichtigung früherer Listen.

Stab. Rittm. Frhr. v. Berg, Leutn. d. R. Müller, schwer verw. 1. Esk. Vizewachtm. Fischer, Karl, Untffz. Bauer, Ulan Weber, Hermann, Ulan Schneider, Johann, l. verw. 2. Esk. Gefr. Hoffmann, Wilhelm, Ulan Keller, Georg, tot. 3. Esk. Untffz. Schmidt, Paul, Ulan Wagner, Franz, vermißt. 4. Esk. Sergt. Roth, Heinrich, Gefr. Beck, August, Ulan Frank, Otto, Ulan Hahn, Ernst, l. verw. 2. Batt. Kanonier Lorenz, Friedrich, Kanonier Schuster, Karl, Gefr. Vogel, Emil, tot. 3. Batt. Vizewachtm. Jung, Adolf, Untffz. Busch, Peter, l. verw. Kanonier Engel, Johann, Fahrer Horn, Wilhelm, schwer verw. Kanonier Kühn, Josef, vermißt. Fahrer Sauer, Heinrich, Gefr. Berger, Karl, Kanonier Graf, Anton, l. verw.

Infanterieregiment Nr. 99 Zabern.

Stab. Rittm. Frhr. v. Berg, Leutn. d. R. Müller, schwer verw. 1. Esk. Vizewachtm. Fischer, Karl, Untffz. Bauer, Ulan Weber, Hermann, Ulan Schneider, Johann, l. verw. 2. Esk. Gefr. Hoffmann, Wilhelm, Ulan Keller, Georg, tot. 3. Esk. Untffz. Schmidt, Paul, Ulan Wagner, Franz, vermißt. 4. Esk. Sergt. Roth, Heinrich, Gefr. Beck, August, Ulan Frank, Otto, Ulan Hahn, Ernst, l. verw. 2. Batt. Kanonier Lorenz, Friedrich, Kanonier Schuster, Karl, Gefr. Vogel, Emil, tot. 3. Batt. Vizewachtm. Jung, Adolf, Untffz. Busch, Peter, l. verw. Kanonier Engel, Johann, Fahrer Horn, Wilhelm, schwer verw. Kanonier Kühn, Josef, vermißt. Fahrer Sauer, Heinrich, Gefr. Berger, Karl, Kanonier Graf, Anton, l. verw.

Jägerregiment zu Pferde Nr. 5 Mülhausen i. Els.

Stab. Rittm. Frhr. v. Berg, Leutn. d. R. Müller, schwer verw. 1. Esk. Vizewachtm. Fischer, Karl, Untffz. Bauer, Ulan Weber, Hermann, Ulan Schneider, Johann, l. verw. 2. Esk. Gefr. Hoffmann, Wilhelm, Ulan Keller, Georg, tot. 3. Esk. Untffz. Schmidt, Paul, Ulan Wagner, Franz, vermißt. 4. Esk. Sergt. Roth, Heinrich, Gefr. Beck, August, Ulan Frank, Otto, Ulan Hahn, Ernst, l. verw. 2. Batt. Kanonier Lorenz, Friedrich, Kanonier Schuster, Karl, Gefr. Vogel, Emil, tot. 3. Batt. Vizewachtm. Jung, Adolf, Untffz. Busch, Peter, l. verw. Kanonier Engel, Johann, Fahrer Horn, Wilhelm, schwer verw. Kanonier Kühn, Josef, vermißt. Fahrer Sauer, Heinrich, Gefr. Berger, Karl, Kanonier Graf, Anton, l. verw.

Vermischte Nachrichten.

Berlin, 9. Sept. Wie die Blätter mitteilen, hat Generaloberst v. Hindenburg der Stadt den Ehrentitel eines Ehrenbürgers angenommen und seinen Dank für die Glückwünsche ausgesprochen.

Dresden, 9. Sept. (Priv.-Tel.) Der Gesandte der Vereinigten Staaten hat dem Ministerium mitgeteilt, daß die Oberbürgermeister in Schreiben die Verbreitung unwahrer Nachrichten über Grausamkeiten deutscher Truppen zurückgewiesen haben. Die Stadtverordneten haben einstimmig beschlossen, eine Sammlung für die Hinterbliebenen der Gefallenen zu veranstalten.

Köln, 8. Sept. (W. B. Richtamtlich.) Der Kölnische Zeitung wird aus Brüssel berichtet, daß die Bevölkerung sich ruhig verhält und dem Befehle der deutschen Behörden Folge leistet. Die Verkehrsverhältnisse bessern sich von Tag zu Tag.

Straßburg, 9. Sept. (W. B. Nichtamtlich.) Der Kaiserliche Statthalter hat angeordnet, daß in allen Gemeinden des Reichslandes Sammlungen für das Rote Kreuz veranstaltet werden. Die Zivilbevölkerung wird dringend ermahnt, den Anordnungen der Militärbehörden unbedingt Folge zu leisten.

Stuttgart, 9. Sept. (W. B.) Der Landschaftsmaler Professor Albert Kappis ist im Alter von 78 Jahren gestorben.

Auerbach (Bergstraße), 9. Sept. (W. B. Nichtamtlich.) Der Bergsträßer Obstmarkt wurde gestern eröffnet. Die Zufuhr war reichlich, die Preise blieben mäßig.

London, 8. Sept. (W. B.) Das Kriegsministerium teilt mit, daß die Verlustlisten der britischen Expeditionsarmee fortlaufend veröffentlicht werden sollen.

Paris, 8. Sept. (Priv.-Tel., Indirekt.) Der neue amerikanische Botschafter in Paris, Mr. Herrick, hat der Regierung seine Bereitwilligkeit erklärt, sich bei den Verhandlungen zur Verfügung zu stellen. Die Nachrichten aus Amerika über die Haltung der Presse werden mit großer Aufmerksamkeit verfolgt.

Frankfurter Handelsblatt.
Wiedergabe der mit * bezeichneten Artikel und der Privat-Depeschen ist unter Wahrung der gesetzlichen Bestimmungen nur mit deutlicher Quellenangabe »Frkf. Ztg.« gestattet.

* Wirtschaftliches aus Oesterreich. Aus Wien, 20. August, berichtet unser W.-Korrespondent: »Allmählich beginnt wieder ein gewisses Gleichgewicht in das Wirtschaftsleben zu kommen, freilich mit starken Einschränkungen. Die Hauptsorge, die in den ersten Tagen alle Wirtschaftskreise gefangen hielt, abgesehen von den Schrecken des Krieges selbst und seinen ungewissen Ausgängen, die Furcht vor einer Kreditkrise ist geschwunden. Die Ausgabebankpolitik der Oesterreichisch-ungarischen Bank, die Darlehenskassen und die übrigen Hilfsmaßnahmen des Staates haben ihren Zweck erfüllt. Die Banken sind in der Lage, allen berechtigten Ansprüchen zu genügen, und die Einlagen sind nicht in dem befürchteten Maße zurückgezogen worden. Der Kleinverkehr hat sich den neuen Verhältnissen angepaßt, und der Verkehr mit dem Auslande, soweit er überhaupt möglich ist, vollzieht sich in den gewohnten Formen.

Die Notenbank hat in den ersten Kriegswochen ihre Darlehen bedeutend erhöht, und die Notenzirkulation ist entsprechend gestiegen. Dagegen hat sich der Wechselumlauf vermindert, da der Handel vielfach Zahlungen in bar verlangt. Die Darlehenskassen wurden von der Industrie und dem Kleingewerbe in großem Umfange in Anspruch genommen. Die Zahl der Gesuche ist jedoch in der letzten Zeit zurückgegangen, ein Zeichen, daß die Verhältnisse sich gebessert haben. Die Arbeitslosigkeit ist, wie erwartet, erheblich, doch haben die Gemeinden und die Arbeiterorganisationen Vorkehrungen getroffen, um der Not zu steuern. Auch die Heereslieferungen beschäftigen zahlreiche Betriebe, insbesondere die Textil-, Leder- und Konservenindustrie.

Der Kapitalmarkt liegt naturgemäß völlig still. Die Börsen sind geschlossen, und Emissionen finden nicht statt. Die Kurse der Anlagepapiere werden im freien Verkehr nur vereinzelt festgestellt. Dagegen ist die Zeichnung auf die Kriegsanleihe mit großer Spannung zu erwarten. Die Sparkassen melden, daß die Rückzahlungen nach den ersten Tagen wesentlich nachgelassen haben und daß schon wieder Einlagen erfolgen. Man darf also mit einiger Zuversicht der weiteren Entwicklung entgegensehen, wenn auch die wirtschaftlichen Opfer des Krieges nicht unterschätzt werden dürfen.«

* Vom rheinisch-westfälischen Eisenmarkt schreibt man uns: Die Lage des westdeutschen Eisenmarktes ist auf unveränderter Grundlage beurteilt. Der Versand ist zwar immer noch durch die Inanspruchnahme der Eisenbahnen für militärische Zwecke beeinträchtigt, doch hat sich der Güterverkehr in den letzten Wochen bedeutend gehoben. Die Werke sind bemüht, den Betrieb soweit als möglich aufrecht zu erhalten, um ihre Arbeiter beschäftigen zu können. Die Nachfrage nach Halbzeug und Stabeisen ist ziemlich lebhaft, zumal für Heereszwecke größere Mengen gebraucht werden. Auch in Trägern und Grobblechen ist das Geschäft befriedigend. Die Preise haben sich bisher gut behauptet, und die Verbände haben die bisherigen Sätze auch für das nächste Vierteljahr beibehalten. Die Aussichten für die nächste Zeit werden im allgemeinen nicht ungünstig beurteilt.

nommen werden wird, ehe sich die Reichseisenbahnverwaltung bereit erklärt, neue Aufträge zu erteilen. Es handelt sich hierbei vor allem um die Beschaffung von Personen- und Güterwagen, die infolge der Mobilmachung stark in Anspruch genommen worden sind. In den Kreisen der Industrie hofft man, daß die Bestellungen in nächster Zeit erfolgen werden, damit die Werke ihre Belegschaften weiter beschäftigen können.

Die Ausfuhr nach den neutralen Ländern hat sich etwas gehoben. Namentlich nach Holland, der Schweiz und den skandinavischen Staaten sind wieder größere Sendungen abgegangen. Die Zahlungen gehen im allgemeinen pünktlich ein. Auch der Verkehr mit Österreich-Ungarn hat wieder eingesetzt. Die Kohlenförderung hat sich gegen die ersten Kriegswochen erheblich gebessert; die Zechen arbeiten wieder mit etwa 60 bis 70 Prozent ihrer Belegschaft.

Drahtmeldungen des Handelsteils.

Berlin, 9. Sept. (W. B.) Täglicher Geld war heute mit 4½ pCt. erhältlich, Privatdiskont mit 5¼ pCt. Die Rückflüsse zur Reichsbank dauern an. Der Geldmarkt zeigt eine stetig zunehmende Flüssigkeit.

Metallbörse in Berlin, 9. Sept. Kupfer 146 bis 150 ℳ, Blei 45 bis 48 ℳ, Zink 55 bis 60 ℳ per 100 kg. Die Tendenz ist unverändert ruhig.

Berlin, 9. Sept. (W. B.) Die Deutsche Bank hat an ihre Aktionäre die Mitteilung gelangen lassen, daß die Auszahlung der fälligen Zinsscheine in gewohnter Weise erfolgt.

Frankfurt a. M., 9. Sept. Die Aktiengesellschaft für Anilinfabrikation teilt mit, daß der Betrieb in vollem Umfange aufrecht erhalten wird. Die Gesellschaft hat bedeutende Aufträge erhalten.

Hamburg, 9. Sept. (W. B.) Die Hamburg-Amerika-Linie teilt mit, daß der Dampfer »Prinz Adalbert« in einem neutralen Hafen eingetroffen ist.

Breslau, 9. Sept. (W. B.) Die Schlesische Elektrizitäts- und Gas-Aktiengesellschaft beschloß, den Betrieb in allen Werken fortzuführen.

London, 8. Sept. (W. B.) Der Londoner Privatdiskont beträgt 3½ pCt. Die Bank von England meldet eine weitere Zunahme ihres Goldbestandes.

Berlin, 9. Sept. (W. B.) Fruchtmarkt. Weizen 245 bis 252 ℳ, Roggen 218 bis 224 ℳ, Hafer 212 bis 220 ℳ, Gerste 205 bis 215 ℳ per Tonne. Stimmung fest.

Berlin, 9. Sept. (W. B.) Getreide-Schluß. Weizen per September 248, Roggen 220, Hafer 214. Die Zufuhren vom Lande sind gering.

Hamburg, 8. Sept. Kaffee good average Santos per September 58, per Dezember 56½, per März 55½. Ruhig.

Liverpool, 8. Sept. (W. B.) Baumwolle. Umsatz 4000 Ballen, davon für Spekulation und Export 500 Ballen. Ruhig. Amerikaner 5 Punkte niedriger.

Wetterbericht für Donnerstag den 10. Septbr.

Nachmittags-Prognose nach den letzten Telegrammen. Aufgestellt von der Wetterdienststelle des Physikalischen Vereins Frankfurt a. M. Teils heiter, teils wolkig, mäßig warm, westliche bis nordwestliche Winde, meist trocken.

Theater.
Donnerstag den 10. September.

Frankfurt. Opernhaus. Abds. 7 U.: Geschlossen.

Frankfurt. Schauspielhaus. Abds. 7 U.: Wallensteins Lager. Die Piccolomini.

Neues Theater. Abds. 8 U.: Alt-Heidelberg.

Charlottenburg. (Schiller-Th.) Abds. 8 U.: Fidelio.

Berlin. Deutsches Th.: Minna von Barnhelm.

Wiesbaden. Kgl. Schauspiele: Der Freischütz.

Mainz. Stadttheater: Der Postillon von Lonjumeau.

Darmstadt. Hoftheater: Wilhelm Tell.

Verantwortlich:

Für den politischen und allgemeinen Teil: Dr. Rud. Stransky; für das Feuilleton: Dr. Ludwig; für den Handelsteil: Dr. Hermann Schmidt; für die Anzeigen: Franz Müller; sämtlich in Frankfurt a. M. Druck und Verlag der Frankfurter Societäts-Druckerei, G. m. b. H.
